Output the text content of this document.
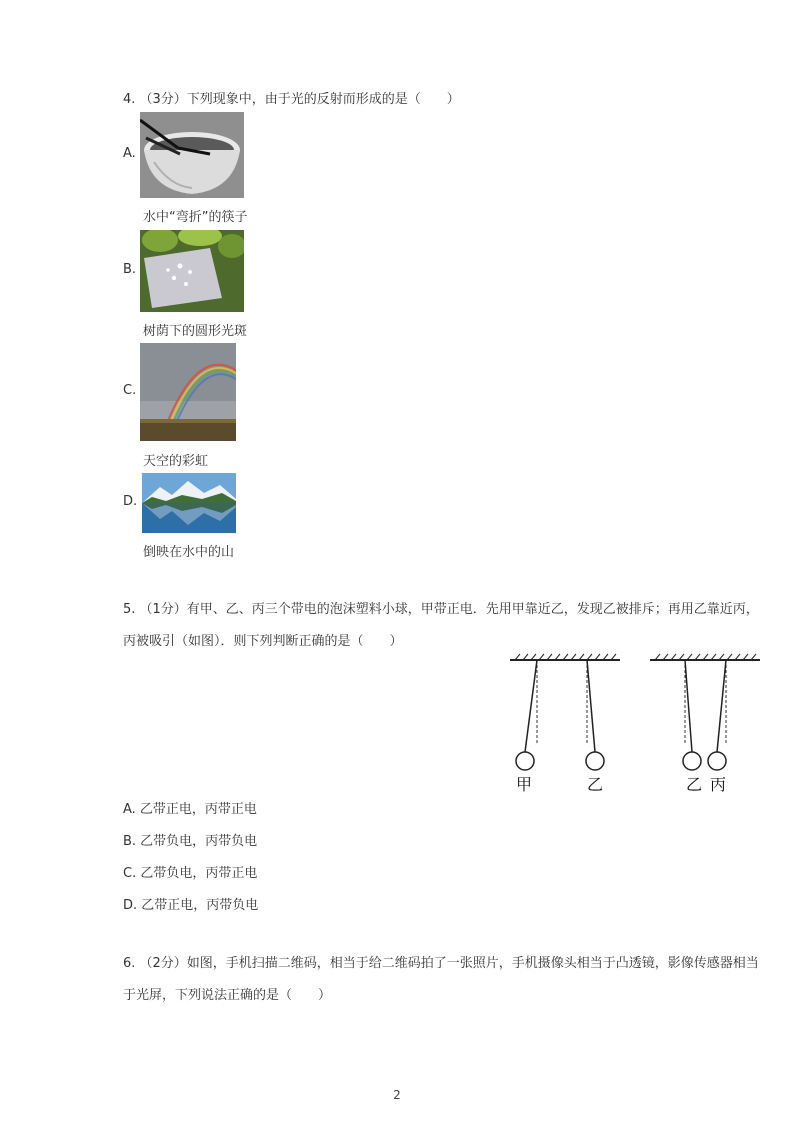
4. （3分）下列现象中，由于光的反射而形成的是（　　）
A.
水中“弯折”的筷子
B.
树荫下的圆形光斑
C.
天空的彩虹
D.
倒映在水中的山
5. （1分）有甲、乙、丙三个带电的泡沫塑料小球，甲带正电．先用甲靠近乙，发现乙被排斥；再用乙靠近丙，丙被吸引（如图）．则下列判断正确的是（　　）
甲	乙	乙 丙
A. 乙带正电，丙带正电
B. 乙带负电，丙带负电
C. 乙带负电，丙带正电
D. 乙带正电，丙带负电
6. （2分）如图，手机扫描二维码，相当于给二维码拍了一张照片，手机摄像头相当于凸透镜，影像传感器相当于光屏，下列说法正确的是（　　）
2
